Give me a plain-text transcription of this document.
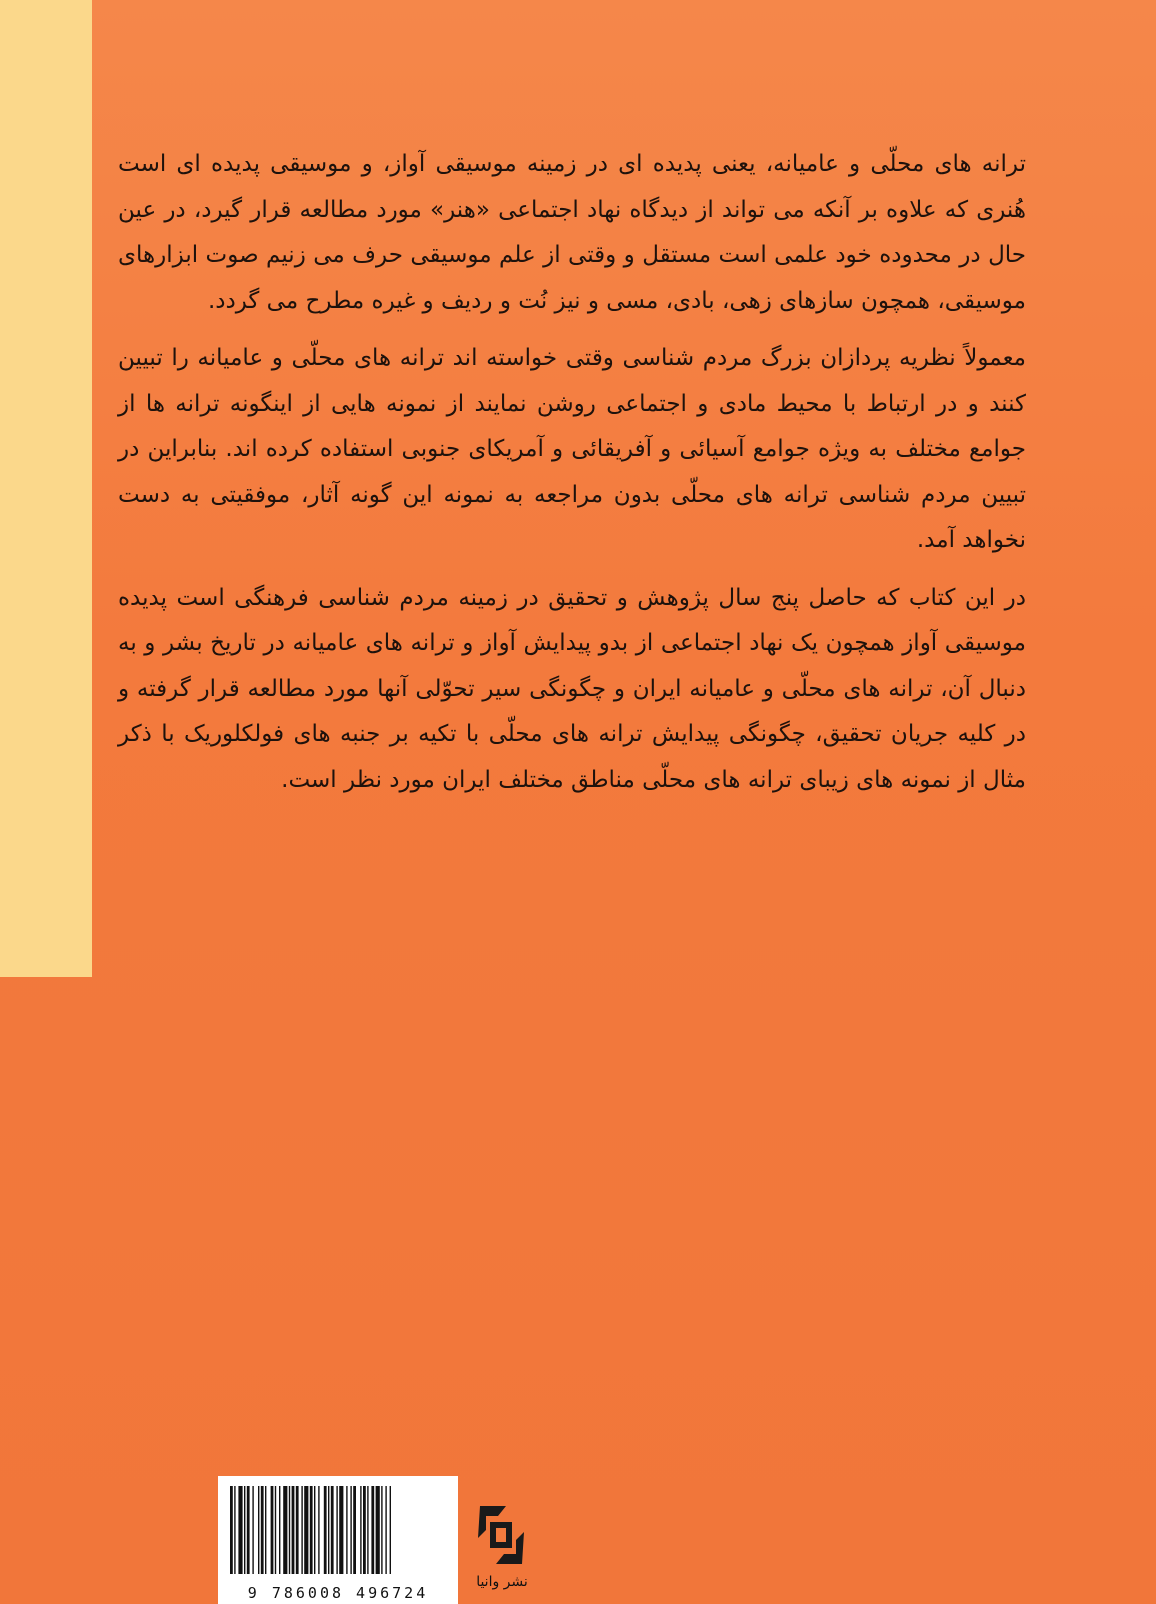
ترانه های محلّی و عامیانه، یعنی پدیده ای در زمینه موسیقی آواز، و موسیقی پدیده ای است هُنری که علاوه بر آنکه می تواند از دیدگاه نهاد اجتماعی «هنر» مورد مطالعه قرار گیرد، در عین حال در محدوده خود علمی است مستقل و وقتی از علم موسیقی حرف می زنیم صوت ابزارهای موسیقی، همچون سازهای زهی، بادی، مسی و نیز نُت و ردیف و غیره مطرح می گردد.

معمولاً نظریه پردازان بزرگ مردم شناسی وقتی خواسته اند ترانه های محلّی و عامیانه را تبیین کنند و در ارتباط با محیط مادی و اجتماعی روشن نمایند از نمونه هایی از اینگونه ترانه ها از جوامع مختلف به ویژه جوامع آسیائی و آفریقائی و آمریکای جنوبی استفاده کرده اند. بنابراین در تبیین مردم شناسی ترانه های محلّی بدون مراجعه به نمونه این گونه آثار، موفقیتی به دست نخواهد آمد.

در این کتاب که حاصل پنج سال پژوهش و تحقیق در زمینه مردم شناسی فرهنگی است پدیده موسیقی آواز همچون یک نهاد اجتماعی از بدو پیدایش آواز و ترانه های عامیانه در تاریخ بشر و به دنبال آن، ترانه های محلّی و عامیانه ایران و چگونگی سیر تحوّلی آنها مورد مطالعه قرار گرفته و در کلیه جریان تحقیق، چگونگی پیدایش ترانه های محلّی با تکیه بر جنبه های فولکلوریک با ذکر مثال از نمونه های زیبای ترانه های محلّی مناطق مختلف ایران مورد نظر است.

9 786008 496724
نشر وانیا
